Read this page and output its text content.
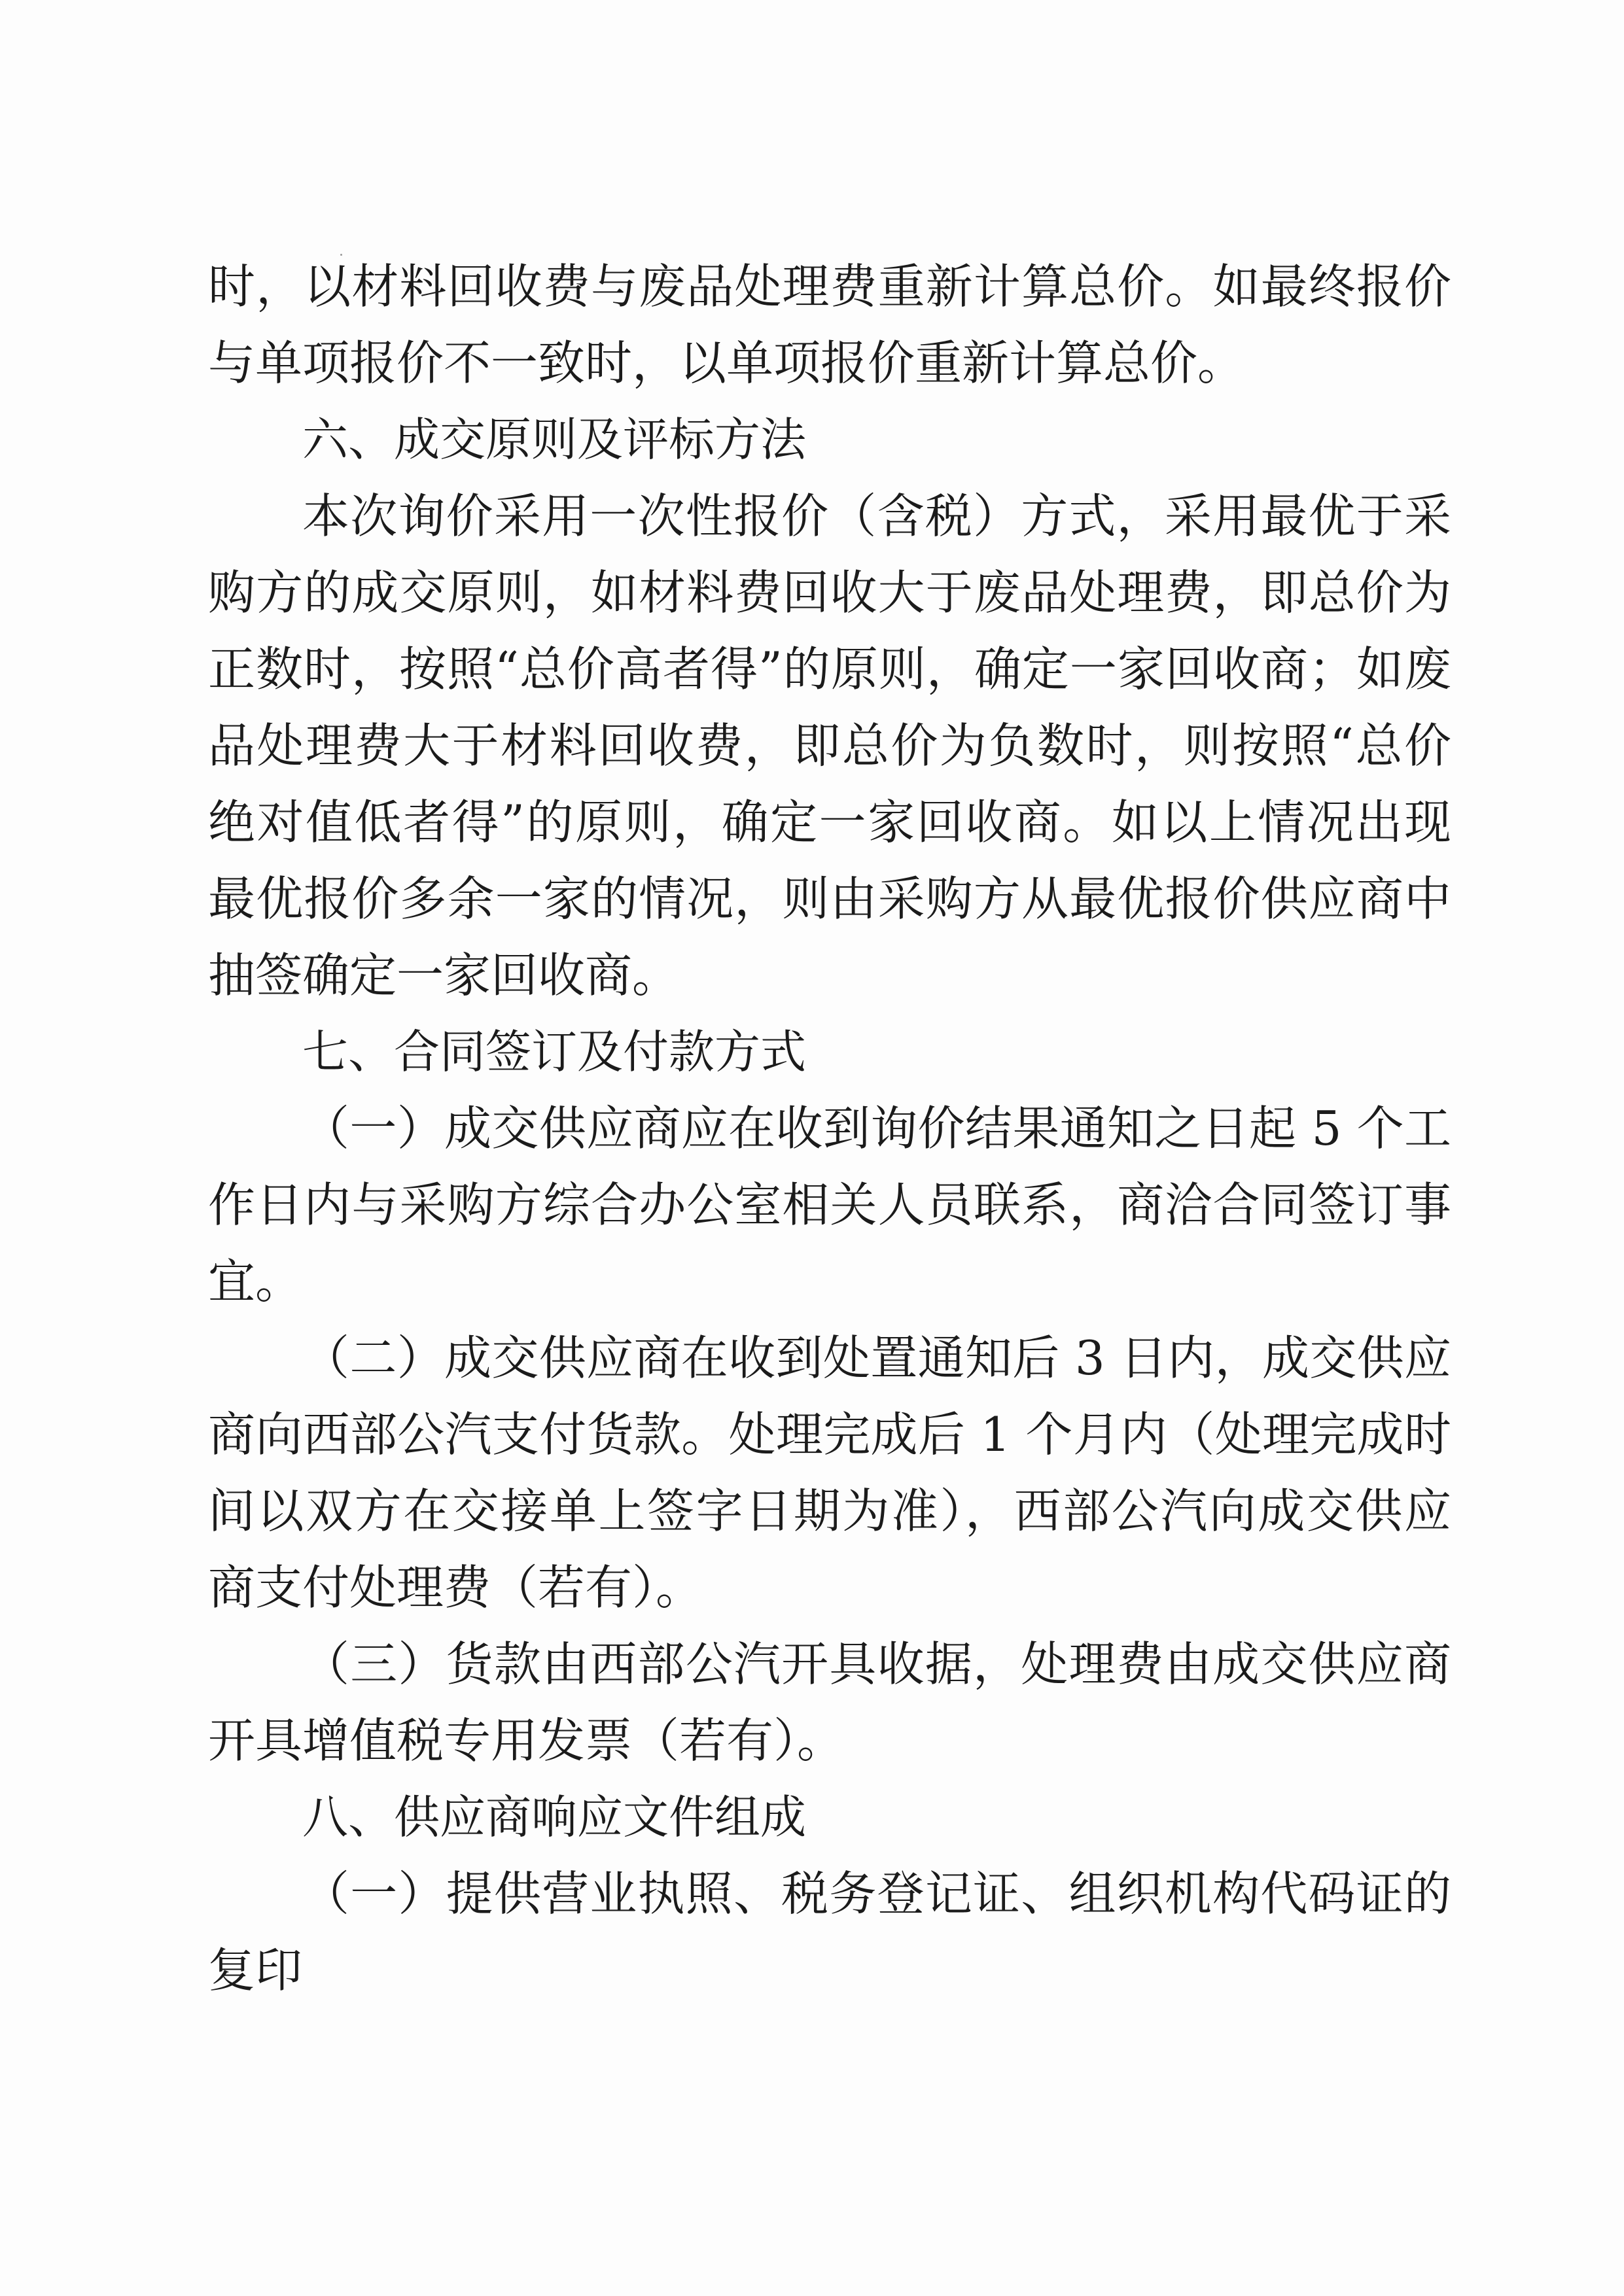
时，以材料回收费与废品处理费重新计算总价。如最终报价与单项报价不一致时，以单项报价重新计算总价。

六、成交原则及评标方法

本次询价采用一次性报价（含税）方式，采用最优于采购方的成交原则，如材料费回收大于废品处理费，即总价为正数时，按照“总价高者得”的原则，确定一家回收商；如废品处理费大于材料回收费，即总价为负数时，则按照“总价绝对值低者得”的原则，确定一家回收商。如以上情况出现最优报价多余一家的情况，则由采购方从最优报价供应商中抽签确定一家回收商。

七、合同签订及付款方式

（一）成交供应商应在收到询价结果通知之日起 5 个工作日内与采购方综合办公室相关人员联系，商洽合同签订事宜。

（二）成交供应商在收到处置通知后 3 日内，成交供应商向西部公汽支付货款。处理完成后 1 个月内（处理完成时间以双方在交接单上签字日期为准），西部公汽向成交供应商支付处理费（若有）。

（三）货款由西部公汽开具收据，处理费由成交供应商开具增值税专用发票（若有）。

八、供应商响应文件组成

（一）提供营业执照、税务登记证、组织机构代码证的复印
